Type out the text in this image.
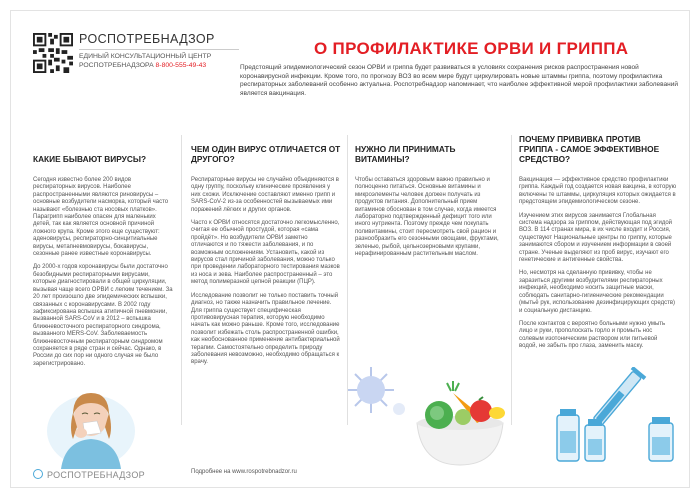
РОСПОТРЕБНАДЗОР
ЕДИНЫЙ КОНСУЛЬТАЦИОННЫЙ ЦЕНТР
РОСПОТРЕБНАДЗОРА 8-800-555-49-43
О ПРОФИЛАКТИКЕ ОРВИ И ГРИППА
Предстоящий эпидемиологический сезон ОРВИ и гриппа будет развиваться в условиях сохранения рисков распространения новой коронавирусной инфекции. Кроме того, по прогнозу ВОЗ во всем мире будут циркулировать новые штаммы гриппа, поэтому профилактика респираторных заболеваний особенно актуальна. Роспотребнадзор напоминает, что наиболее эффективной мерой профилактики заболеваний является вакцинация.
КАКИЕ БЫВАЮТ ВИРУСЫ?

Сегодня известно более 200 видов респираторных вирусов. Наиболее распространенными являются риновирусы – основные возбудители насморка, который часто называют «болезнью ста носовых платков». Парагрипп наиболее опасен для маленьких детей, так как является основной причиной ложного крупа. Кроме этого еще существуют: аденовирусы, респираторно-синцитиальные вирусы, метапневмовирусы, бокавирусы, сезонные ранее известные коронавирусы.

До 2000-х годов коронавирусы были достаточно безобидными респираторными вирусами, которые диагностировали в общей циркуляции, вызывая чаще всего ОРВИ с легким течением. За 20 лет произошло две эпидемических вспышки, связанных с коронавирусами. В 2002 году зафиксирована вспышка атипичной пневмонии, вызванной SARS-CoV и в 2012 – вспышка ближневосточного респираторного синдрома, вызванного MERS-CoV. Заболеваемость ближневосточным респираторным синдромом сохраняется в ряде стран и сейчас. Однако, в России до сих пор ни одного случая не было зарегистрировано.

ЧЕМ ОДИН ВИРУС ОТЛИЧАЕТСЯ ОТ ДРУГОГО?

Респираторные вирусы не случайно объединяются в одну группу, поскольку клинические проявления у них схожи. Исключение составляют именно грипп и SARS-CoV-2 из-за особенностей вызываемых ими поражений лёгких и других органов.

Часто к ОРВИ относятся достаточно легкомысленно, считая ее обычной простудой, которая «сама пройдёт». Но возбудители ОРВИ заметно отличаются и по тяжести заболевания, и по возможным осложнениям. Установить, какой из вирусов стал причиной заболевания, можно только при проведении лабораторного тестирования мазков из носа и зева. Наиболее распространенный – это метод полимеразной цепной реакции (ПЦР).

Исследование позволит не только поставить точный диагноз, но также назначить правильное лечение. Для гриппа существует специфическая противовирусная терапия, которую необходимо начать как можно раньше. Кроме того, исследование позволит избежать столь распространенной ошибки, как необоснованное применение антибактериальной терапии. Самостоятельно определить природу заболевания невозможно, необходимо обращаться к врачу.

НУЖНО ЛИ ПРИНИМАТЬ ВИТАМИНЫ?

Чтобы оставаться здоровым важно правильно и полноценно питаться. Основные витамины и микроэлементы человек должен получать из продуктов питания. Дополнительный прием витаминов обоснован в том случае, когда имеется лабораторно подтвержденный дефицит того или иного нутриента. Поэтому прежде чем покупать поливитамины, стоит пересмотреть свой рацион и разнообразить его сезонными овощами, фруктами, зеленью, рыбой, цельнозерновыми крупами, нерафинированным растительным маслом.

ПОЧЕМУ ПРИВИВКА ПРОТИВ ГРИППА - САМОЕ ЭФФЕКТИВНОЕ СРЕДСТВО?

Вакцинация — эффективное средство профилактики гриппа. Каждый год создается новая вакцина, в которую включены те штаммы, циркуляция которых ожидается в предстоящем эпидемиологическом сезоне.

Изучением этих вирусов занимается Глобальная система надзора за гриппом, действующая под эгидой ВОЗ. В 114 странах мира, в их числе входит и Россия, существуют Национальные центры по гриппу, которые занимаются сбором и изучением информации в своей стране. Ученые выделяют из проб вирус, изучают его генетические и антигенные свойства.

Но, несмотря на сделанную прививку, чтобы не заразиться другими возбудителями респираторных инфекций, необходимо носить защитные маски, соблюдать санитарно-гигиенические рекомендации (мытьё рук, использование дезинфицирующих средств) и социальную дистанцию.

После контактов с вероятно больными нужно умыть лицо и руки, прополоскать горло и промыть нос солевым изотоническим раствором или питьевой водой, не забыть про глаза, заменить маску.

РОСПОТРЕБНАДЗОР	Подробнее на www.rospotrebnadzor.ru
